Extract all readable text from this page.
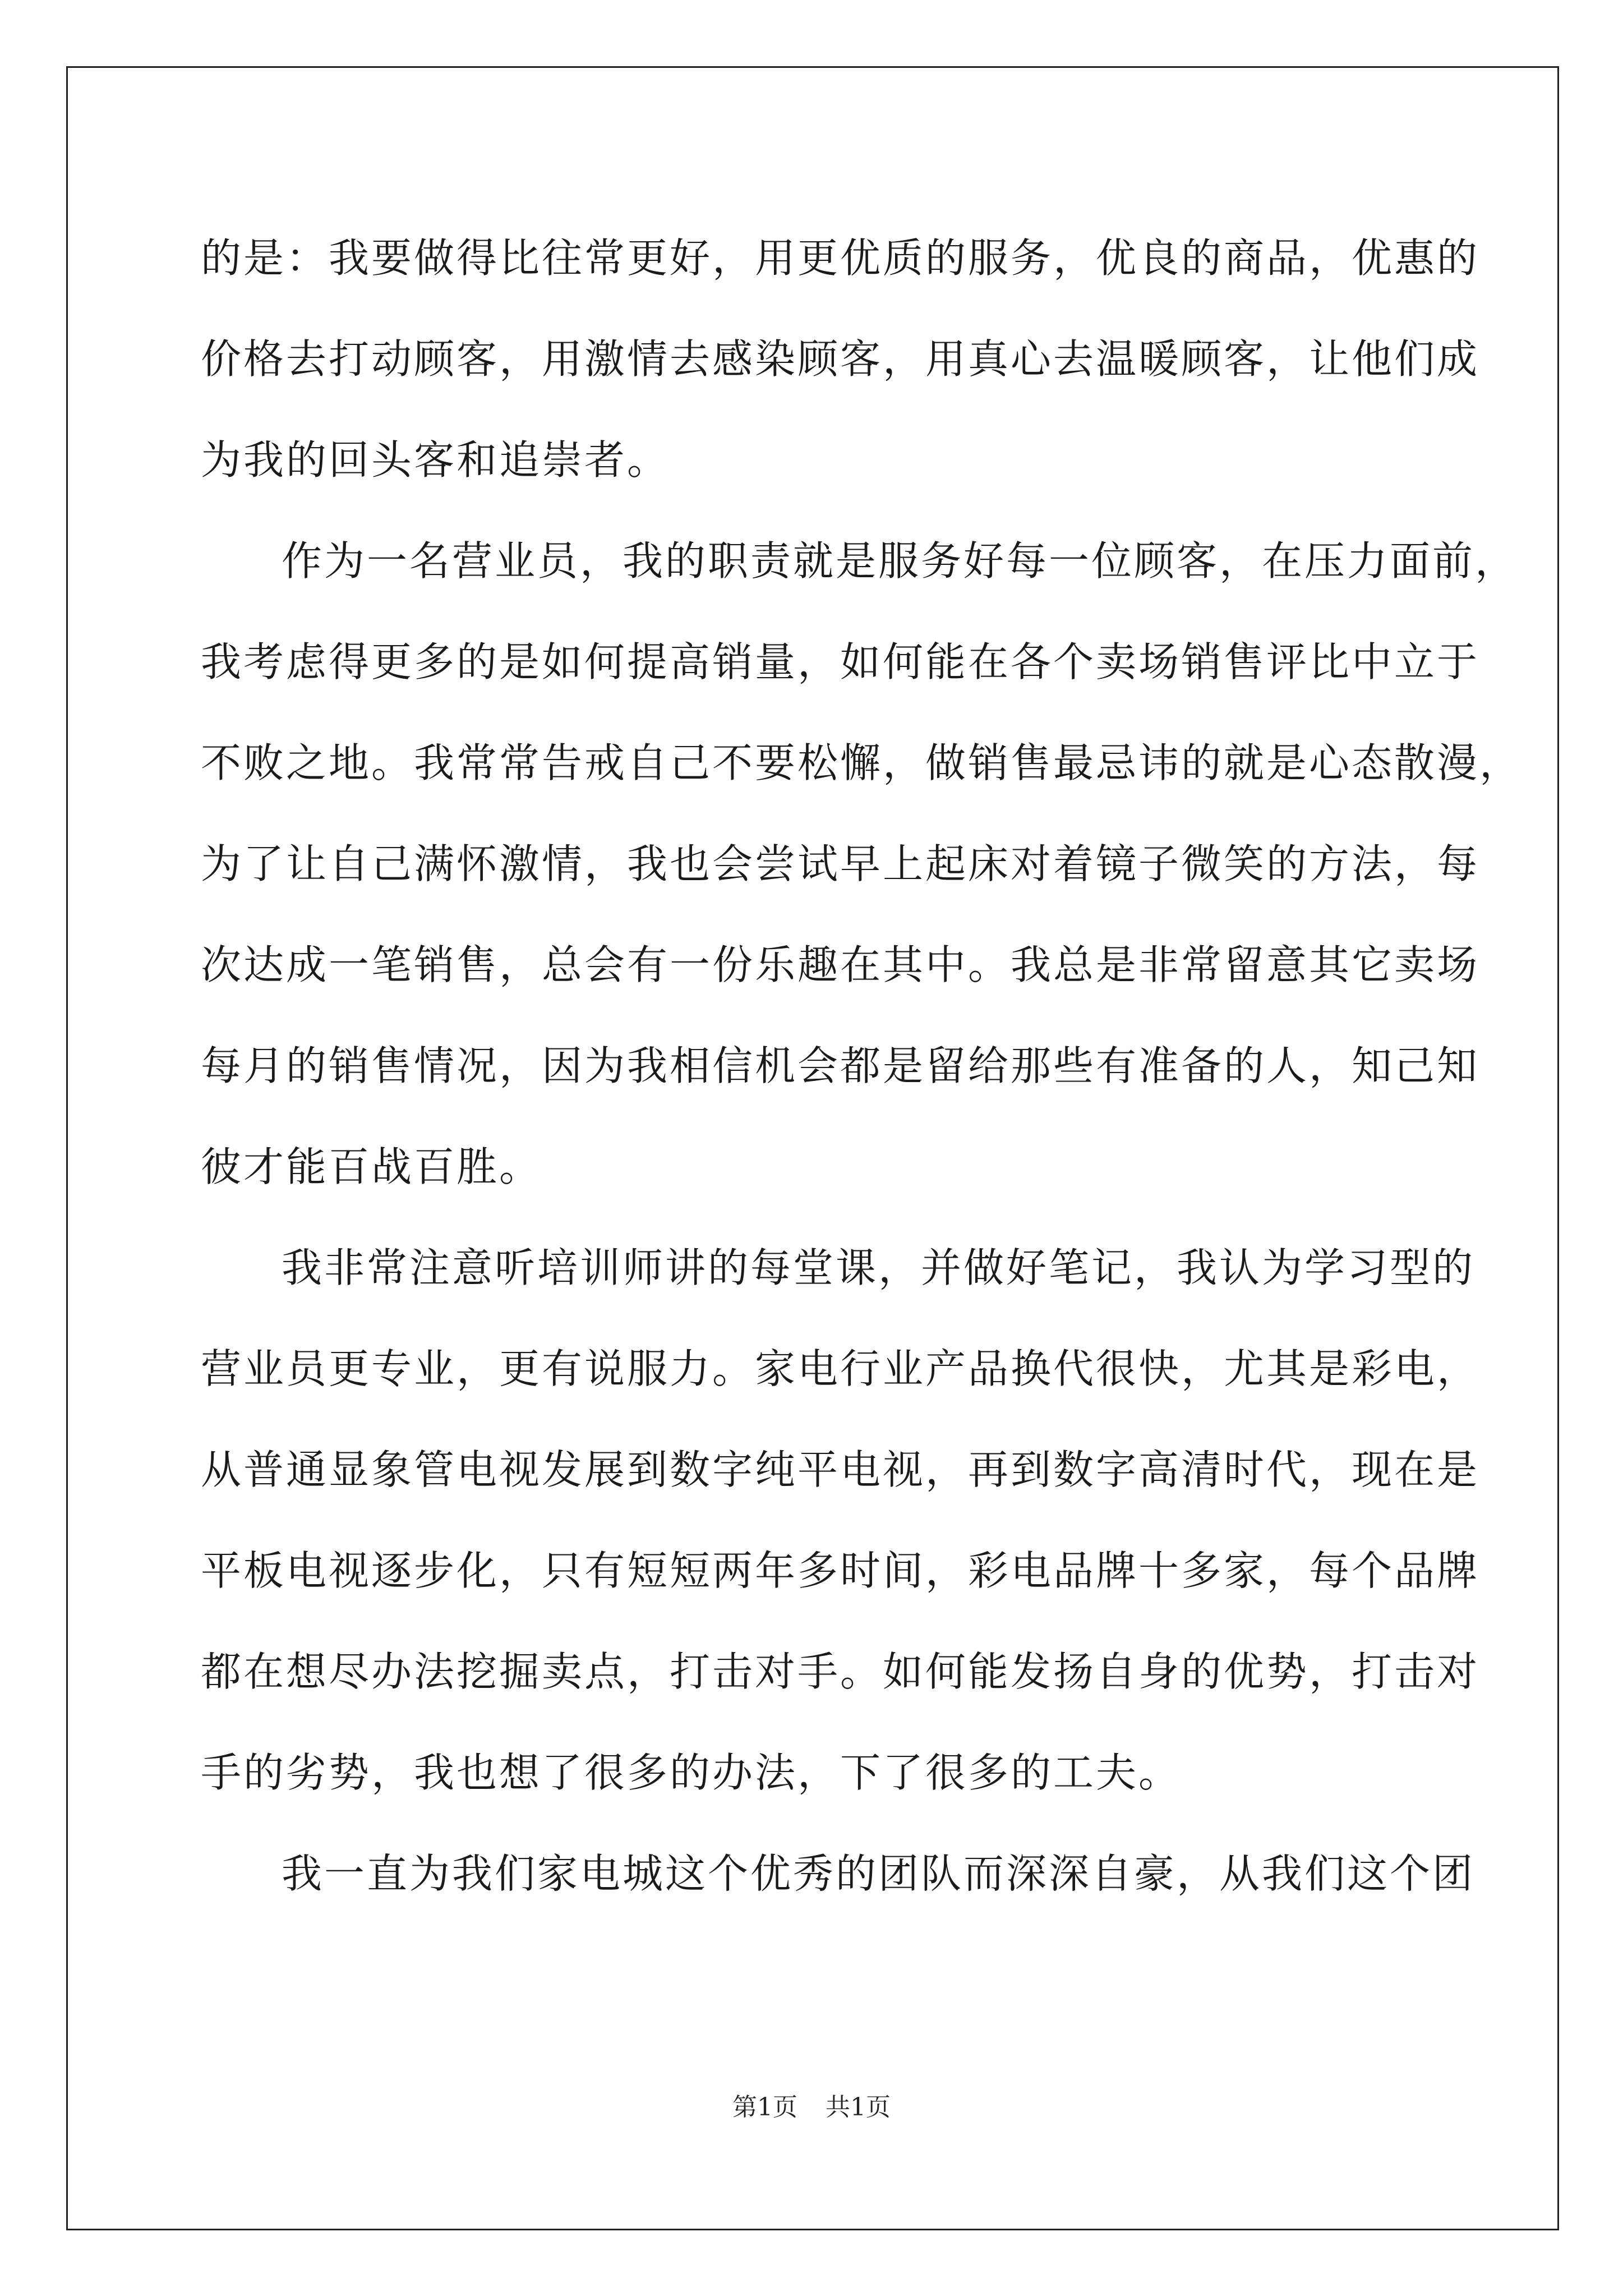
的是：我要做得比往常更好，用更优质的服务，优良的商品，优惠的
价格去打动顾客，用激情去感染顾客，用真心去温暖顾客，让他们成
为我的回头客和追崇者。
作为一名营业员，我的职责就是服务好每一位顾客，在压力面前，
我考虑得更多的是如何提高销量，如何能在各个卖场销售评比中立于
不败之地。我常常告戒自己不要松懈，做销售最忌讳的就是心态散漫，
为了让自己满怀激情，我也会尝试早上起床对着镜子微笑的方法，每
次达成一笔销售，总会有一份乐趣在其中。我总是非常留意其它卖场
每月的销售情况，因为我相信机会都是留给那些有准备的人，知己知
彼才能百战百胜。
我非常注意听培训师讲的每堂课，并做好笔记，我认为学习型的
营业员更专业，更有说服力。家电行业产品换代很快，尤其是彩电，
从普通显象管电视发展到数字纯平电视，再到数字高清时代，现在是
平板电视逐步化，只有短短两年多时间，彩电品牌十多家，每个品牌
都在想尽办法挖掘卖点，打击对手。如何能发扬自身的优势，打击对
手的劣势，我也想了很多的办法，下了很多的工夫。
我一直为我们家电城这个优秀的团队而深深自豪，从我们这个团
第1页 共1页
